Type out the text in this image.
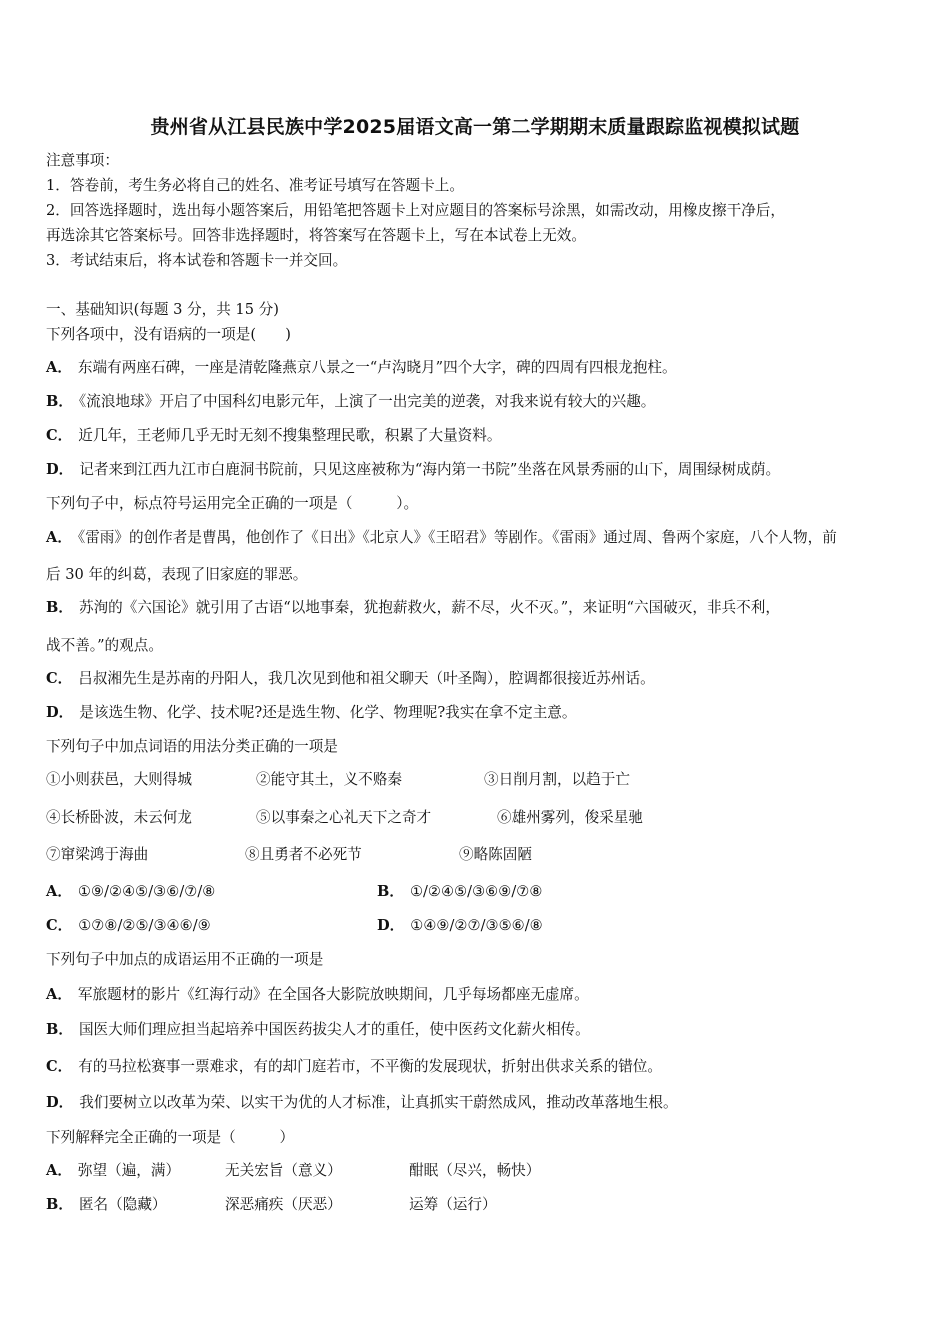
贵州省从江县民族中学2025届语文高一第二学期期末质量跟踪监视模拟试题
注意事项：
1．答卷前，考生务必将自己的姓名、准考证号填写在答题卡上。
2．回答选择题时，选出每小题答案后，用铅笔把答题卡上对应题目的答案标号涂黑，如需改动，用橡皮擦干净后，
再选涂其它答案标号。回答非选择题时，将答案写在答题卡上，写在本试卷上无效。
3．考试结束后，将本试卷和答题卡一并交回。
一、基础知识(每题 3 分，共 15 分)
下列各项中，没有语病的一项是(　　)
A． 东端有两座石碑，一座是清乾隆燕京八景之一“卢沟晓月”四个大字，碑的四周有四根龙抱柱。
B． 《流浪地球》开启了中国科幻电影元年，上演了一出完美的逆袭，对我来说有较大的兴趣。
C． 近几年，王老师几乎无时无刻不搜集整理民歌，积累了大量资料。
D． 记者来到江西九江市白鹿洞书院前，只见这座被称为“海内第一书院”坐落在风景秀丽的山下，周围绿树成荫。
下列句子中，标点符号运用完全正确的一项是（　　　）。
A． 《雷雨》的创作者是曹禺，他创作了《日出》《北京人》《王昭君》等剧作。《雷雨》通过周、鲁两个家庭，八个人物，前
后 30 年的纠葛，表现了旧家庭的罪恶。
B． 苏洵的《六国论》就引用了古语“以地事秦，犹抱薪救火，薪不尽，火不灭。”，来证明“六国破灭，非兵不利，
战不善。”的观点。
C． 吕叔湘先生是苏南的丹阳人，我几次见到他和祖父聊天（叶圣陶），腔调都很接近苏州话。
D． 是该选生物、化学、技术呢?还是选生物、化学、物理呢?我实在拿不定主意。
下列句子中加点词语的用法分类正确的一项是
①小则获邑，大则得城	②能守其土，义不赂秦	③日削月割，以趋于亡
④长桥卧波，未云何龙	⑤以事秦之心礼天下之奇才	⑥雄州雾列，俊采星驰
⑦窜梁鸿于海曲	⑧且勇者不必死节	⑨略陈固陋
A． ①⑨/②④⑤/③⑥/⑦/⑧	B． ①/②④⑤/③⑥⑨/⑦⑧
C． ①⑦⑧/②⑤/③④⑥/⑨	D． ①④⑨/②⑦/③⑤⑥/⑧
下列句子中加点的成语运用不正确的一项是
A． 军旅题材的影片《红海行动》在全国各大影院放映期间，几乎每场都座无虚席。
B． 国医大师们理应担当起培养中国医药拔尖人才的重任，使中医药文化薪火相传。
C． 有的马拉松赛事一票难求，有的却门庭若市，不平衡的发展现状，折射出供求关系的错位。
D． 我们要树立以改革为荣、以实干为优的人才标准，让真抓实干蔚然成风，推动改革落地生根。
下列解释完全正确的一项是（　　　）
A． 弥望（遍，满）	无关宏旨（意义）	酣眠（尽兴，畅快）
B． 匿名（隐藏）	深恶痛疾（厌恶）	运筹（运行）
